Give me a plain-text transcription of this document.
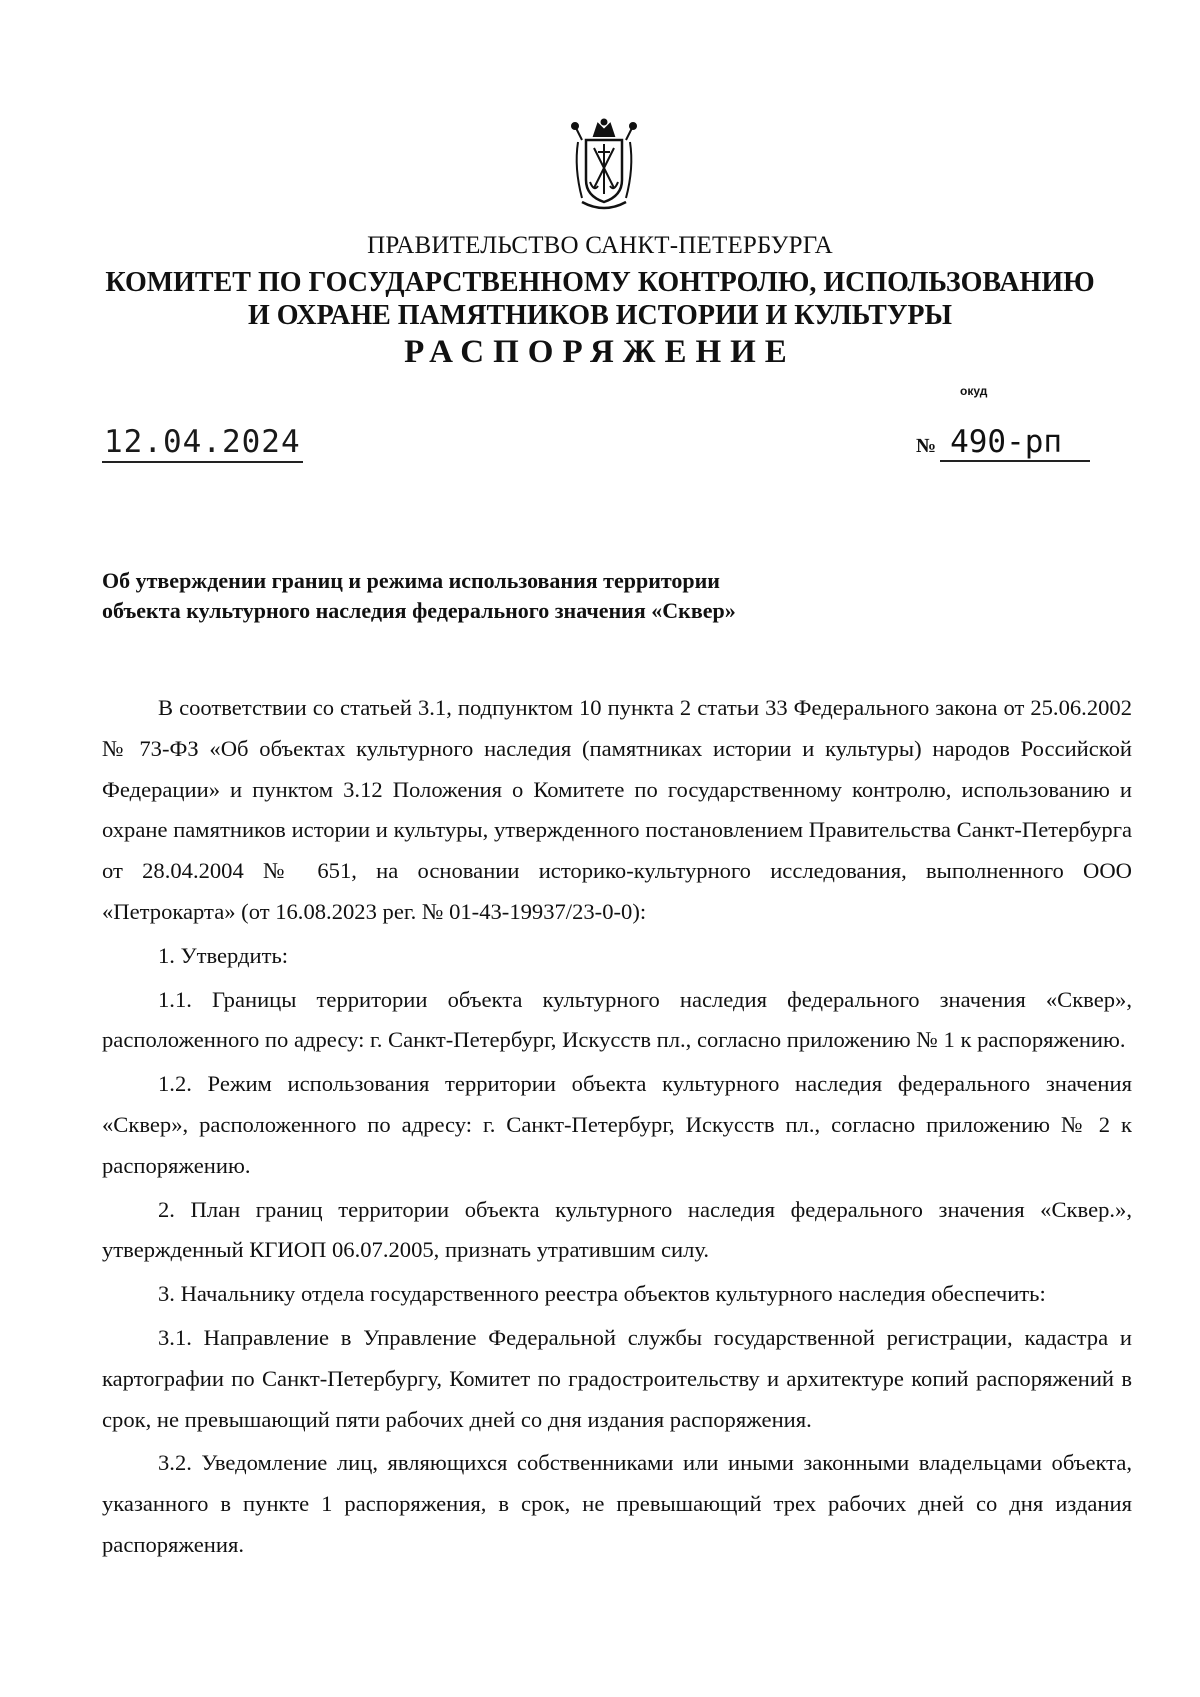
ПРАВИТЕЛЬСТВО САНКТ-ПЕТЕРБУРГА
КОМИТЕТ ПО ГОСУДАРСТВЕННОМУ КОНТРОЛЮ, ИСПОЛЬЗОВАНИЮ
И ОХРАНЕ ПАМЯТНИКОВ ИСТОРИИ И КУЛЬТУРЫ
РАСПОРЯЖЕНИЕ
окуд
12.04.2024	№ 490-рп
Об утверждении границ и режима использования территории
объекта культурного наследия федерального значения «Сквер»

В соответствии со статьей 3.1, подпунктом 10 пункта 2 статьи 33 Федерального закона от 25.06.2002 № 73-ФЗ «Об объектах культурного наследия (памятниках истории и культуры) народов Российской Федерации» и пунктом 3.12 Положения о Комитете по государственному контролю, использованию и охране памятников истории и культуры, утвержденного постановлением Правительства Санкт-Петербурга от 28.04.2004 № 651, на основании историко-культурного исследования, выполненного ООО «Петрокарта» (от 16.08.2023 рег. № 01-43-19937/23-0-0):

1. Утвердить:

1.1. Границы территории объекта культурного наследия федерального значения «Сквер», расположенного по адресу: г. Санкт-Петербург, Искусств пл., согласно приложению № 1 к распоряжению.

1.2. Режим использования территории объекта культурного наследия федерального значения «Сквер», расположенного по адресу: г. Санкт-Петербург, Искусств пл., согласно приложению № 2 к распоряжению.

2. План границ территории объекта культурного наследия федерального значения «Сквер.», утвержденный КГИОП 06.07.2005, признать утратившим силу.

3. Начальнику отдела государственного реестра объектов культурного наследия обеспечить:

3.1. Направление в Управление Федеральной службы государственной регистрации, кадастра и картографии по Санкт-Петербургу, Комитет по градостроительству и архитектуре копий распоряжений в срок, не превышающий пяти рабочих дней со дня издания распоряжения.

3.2. Уведомление лиц, являющихся собственниками или иными законными владельцами объекта, указанного в пункте 1 распоряжения, в срок, не превышающий трех рабочих дней со дня издания распоряжения.
